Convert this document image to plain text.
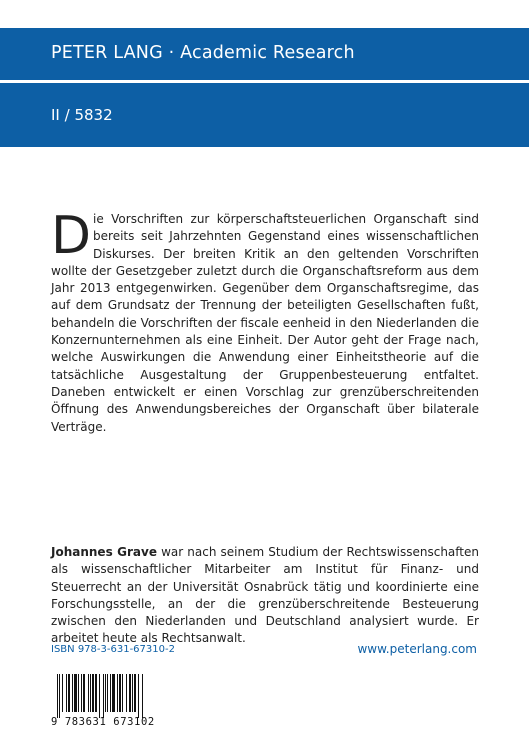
PETER LANG · Academic Research
II / 5832
Die Vorschriften zur körperschaftsteuerlichen Organschaft sind bereits seit Jahrzehnten Gegenstand eines wissenschaftlichen Diskurses. Der breiten Kritik an den geltenden Vorschriften wollte der Gesetzgeber zuletzt durch die Organschaftsreform aus dem Jahr 2013 entgegenwirken. Gegenüber dem Organschaftsregime, das auf dem Grundsatz der Trennung der beteiligten Gesellschaften fußt, behandeln die Vorschriften der fiscale eenheid in den Niederlanden die Konzernunternehmen als eine Einheit. Der Autor geht der Frage nach, welche Auswirkungen die Anwendung einer Einheitstheorie auf die tatsächliche Ausgestaltung der Gruppenbesteuerung entfaltet. Daneben entwickelt er einen Vorschlag zur grenzüberschreitenden Öffnung des Anwendungsbereiches der Organschaft über bilaterale Verträge.
Johannes Grave war nach seinem Studium der Rechtswissenschaften als wissenschaftlicher Mitarbeiter am Institut für Finanz- und Steuerrecht an der Universität Osnabrück tätig und koordinierte eine Forschungsstelle, an der die grenzüberschreitende Besteuerung zwischen den Niederlanden und Deutschland analysiert wurde. Er arbeitet heute als Rechtsanwalt.
ISBN 978-3-631-67310-2	www.peterlang.com
9 783631 673102
